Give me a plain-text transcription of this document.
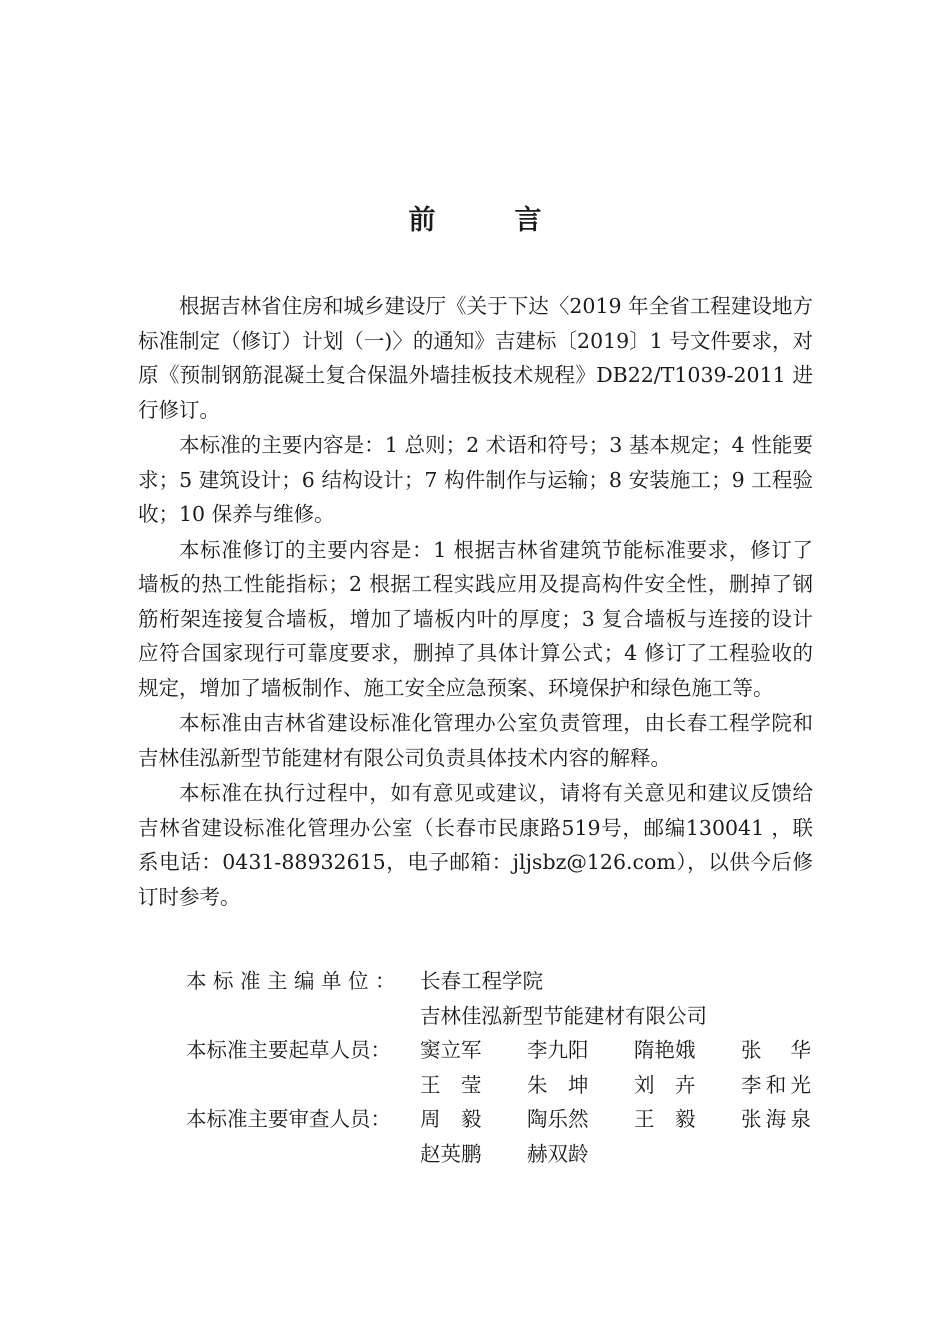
前　言

根据吉林省住房和城乡建设厅《关于下达〈2019 年全省工程建设地方标准制定（修订）计划（一)〉的通知》吉建标〔2019〕1 号文件要求，对原《预制钢筋混凝土复合保温外墙挂板技术规程》DB22/T1039-2011 进行修订。

本标准的主要内容是：1 总则；2 术语和符号；3 基本规定；4 性能要求；5 建筑设计；6 结构设计；7 构件制作与运输；8 安装施工；9 工程验收；10 保养与维修。

本标准修订的主要内容是：1 根据吉林省建筑节能标准要求，修订了墙板的热工性能指标；2 根据工程实践应用及提高构件安全性，删掉了钢筋桁架连接复合墙板，增加了墙板内叶的厚度；3 复合墙板与连接的设计应符合国家现行可靠度要求，删掉了具体计算公式；4 修订了工程验收的规定，增加了墙板制作、施工安全应急预案、环境保护和绿色施工等。

本标准由吉林省建设标准化管理办公室负责管理，由长春工程学院和吉林佳泓新型节能建材有限公司负责具体技术内容的解释。

本标准在执行过程中，如有意见或建议，请将有关意见和建议反馈给吉林省建设标准化管理办公室（长春市民康路519号，邮编130041 ，联系电话：0431-88932615，电子邮箱：jljsbz@126.com），以供今后修订时参考。

本标准主编单位： 长春工程学院
吉林佳泓新型节能建材有限公司
本标准主要起草人员：	窦立军	李九阳	隋艳娥	张　华
王　莹	朱　坤	刘　卉	李和光
本标准主要审查人员：	周　毅	陶乐然	王　毅	张海泉
赵英鹏	赫双龄
